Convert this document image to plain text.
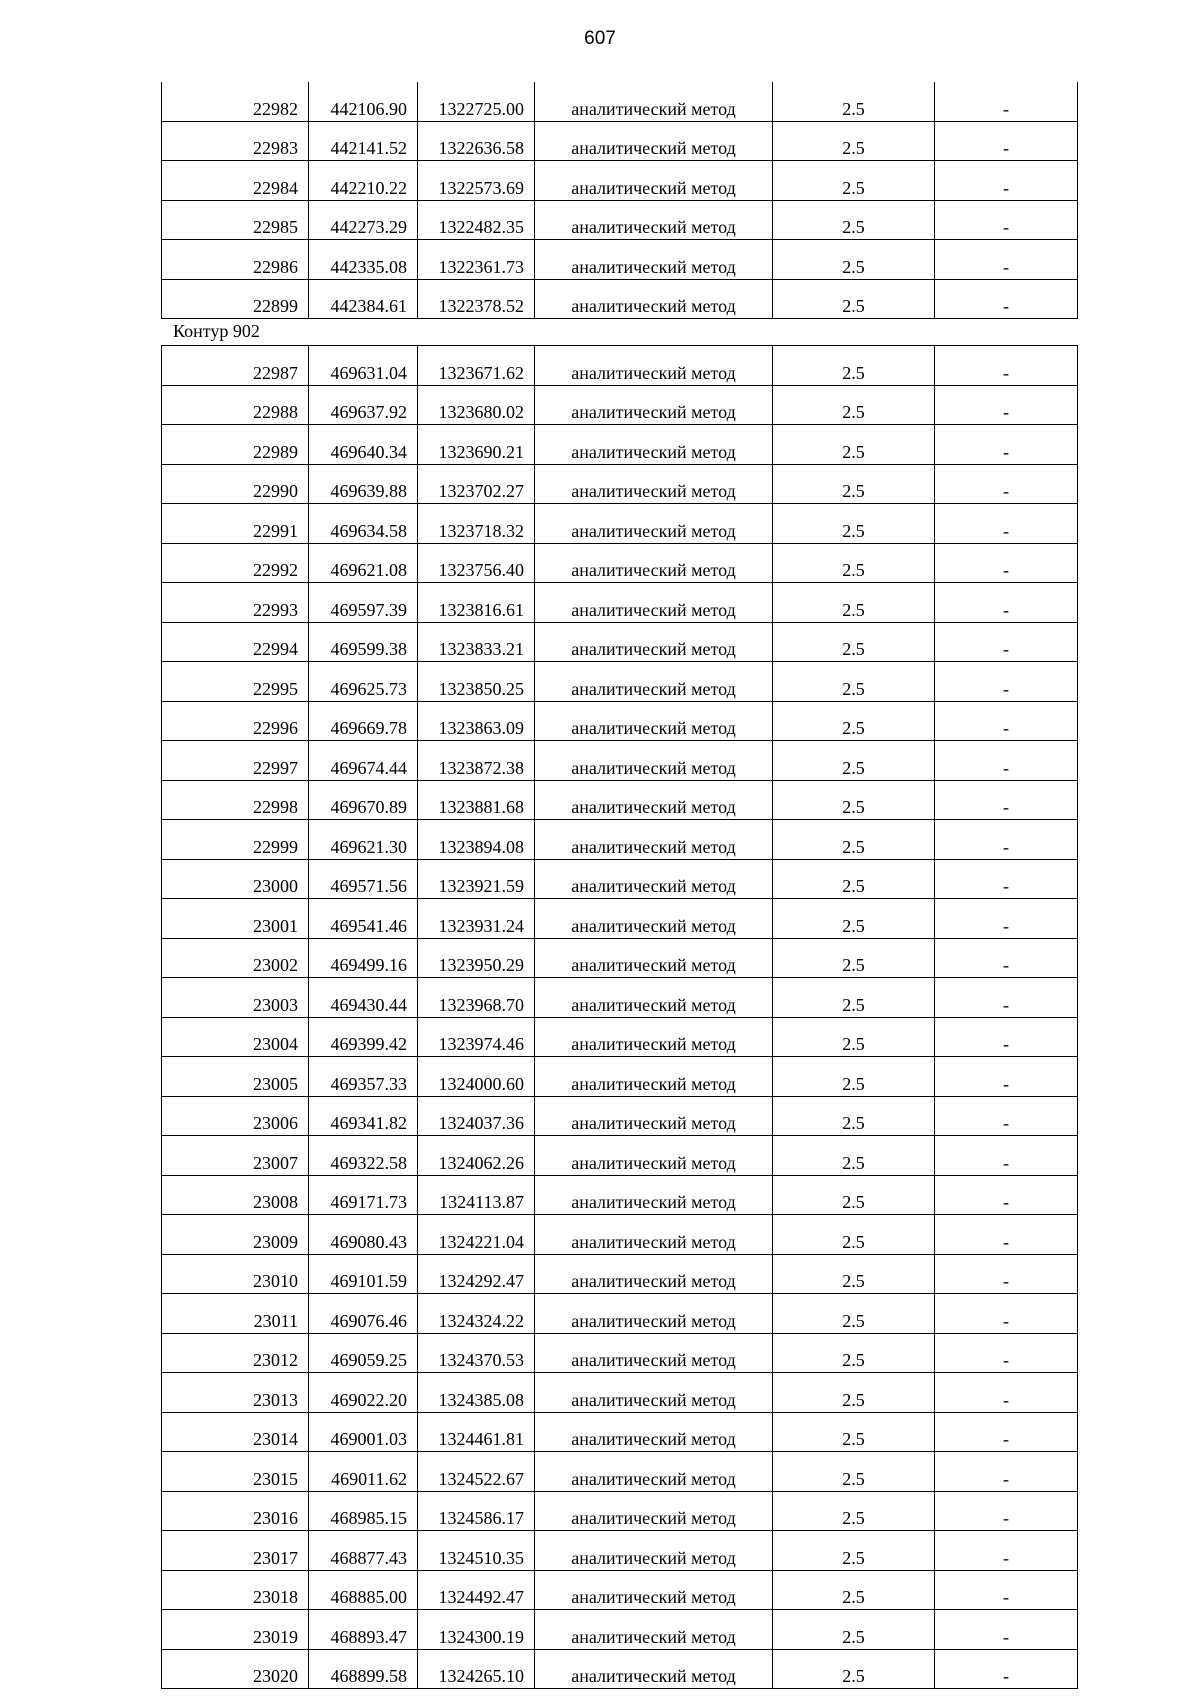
607
22982	442106.90	1322725.00	аналитический метод	2.5	-
22983	442141.52	1322636.58	аналитический метод	2.5	-
22984	442210.22	1322573.69	аналитический метод	2.5	-
22985	442273.29	1322482.35	аналитический метод	2.5	-
22986	442335.08	1322361.73	аналитический метод	2.5	-
22899	442384.61	1322378.52	аналитический метод	2.5	-
Контур 902
22987	469631.04	1323671.62	аналитический метод	2.5	-
22988	469637.92	1323680.02	аналитический метод	2.5	-
22989	469640.34	1323690.21	аналитический метод	2.5	-
22990	469639.88	1323702.27	аналитический метод	2.5	-
22991	469634.58	1323718.32	аналитический метод	2.5	-
22992	469621.08	1323756.40	аналитический метод	2.5	-
22993	469597.39	1323816.61	аналитический метод	2.5	-
22994	469599.38	1323833.21	аналитический метод	2.5	-
22995	469625.73	1323850.25	аналитический метод	2.5	-
22996	469669.78	1323863.09	аналитический метод	2.5	-
22997	469674.44	1323872.38	аналитический метод	2.5	-
22998	469670.89	1323881.68	аналитический метод	2.5	-
22999	469621.30	1323894.08	аналитический метод	2.5	-
23000	469571.56	1323921.59	аналитический метод	2.5	-
23001	469541.46	1323931.24	аналитический метод	2.5	-
23002	469499.16	1323950.29	аналитический метод	2.5	-
23003	469430.44	1323968.70	аналитический метод	2.5	-
23004	469399.42	1323974.46	аналитический метод	2.5	-
23005	469357.33	1324000.60	аналитический метод	2.5	-
23006	469341.82	1324037.36	аналитический метод	2.5	-
23007	469322.58	1324062.26	аналитический метод	2.5	-
23008	469171.73	1324113.87	аналитический метод	2.5	-
23009	469080.43	1324221.04	аналитический метод	2.5	-
23010	469101.59	1324292.47	аналитический метод	2.5	-
23011	469076.46	1324324.22	аналитический метод	2.5	-
23012	469059.25	1324370.53	аналитический метод	2.5	-
23013	469022.20	1324385.08	аналитический метод	2.5	-
23014	469001.03	1324461.81	аналитический метод	2.5	-
23015	469011.62	1324522.67	аналитический метод	2.5	-
23016	468985.15	1324586.17	аналитический метод	2.5	-
23017	468877.43	1324510.35	аналитический метод	2.5	-
23018	468885.00	1324492.47	аналитический метод	2.5	-
23019	468893.47	1324300.19	аналитический метод	2.5	-
23020	468899.58	1324265.10	аналитический метод	2.5	-
